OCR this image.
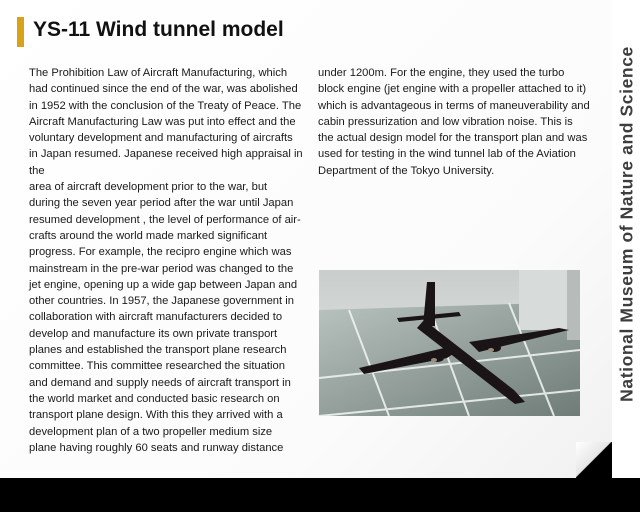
YS-11 Wind tunnel model
The Prohibition Law of Aircraft Manufacturing, which
had continued since the end of the war, was abolished
in 1952 with the conclusion of the Treaty of Peace. The
Aircraft Manufacturing Law was put into effect and the
voluntary development and manufacturing of aircrafts
in Japan resumed. Japanese received high appraisal in the
area of aircraft development prior to the war, but
during the seven year period after the war until Japan
resumed development , the level of performance of air-
crafts around the world made marked significant
progress. For example, the recipro engine which was
mainstream in the pre-war period was changed to the
jet engine, opening up a wide gap between Japan and
other countries. In 1957, the Japanese government in
collaboration with aircraft manufacturers decided to
develop and manufacture its own private transport
planes and established the transport plane research
committee. This committee researched the situation
and demand and supply needs of aircraft transport in
the world market and conducted basic research on
transport plane design. With this they arrived with a
development plan of a two propeller medium size
plane having roughly 60 seats and runway distance
under 1200m. For the engine, they used the turbo
block engine (jet engine with a propeller attached to it)
which is advantageous in terms of maneuverability and
cabin pressurization and low vibration noise. This is
the actual design model for the transport plan and was
used for testing in the wind tunnel lab of the Aviation
Department of the Tokyo University.	National Museum of Nature and Science
